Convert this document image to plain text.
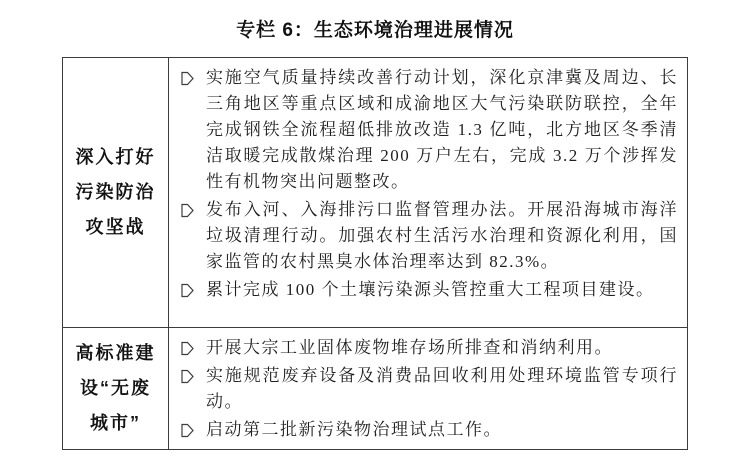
专栏 6：生态环境治理进展情况
深入打好
污染防治
攻坚战
实施空气质量持续改善行动计划，深化京津冀及周边、长三角地区等重点区域和成渝地区大气污染联防联控，全年完成钢铁全流程超低排放改造 1.3 亿吨，北方地区冬季清洁取暖完成散煤治理 200 万户左右，完成 3.2 万个涉挥发性有机物突出问题整改。
发布入河、入海排污口监督管理办法。开展沿海城市海洋垃圾清理行动。加强农村生活污水治理和资源化利用，国家监管的农村黑臭水体治理率达到 82.3%。
累计完成 100 个土壤污染源头管控重大工程项目建设。
高标准建
设“无废
城市”
开展大宗工业固体废物堆存场所排查和消纳利用。
实施规范废弃设备及消费品回收利用处理环境监管专项行动。
启动第二批新污染物治理试点工作。
